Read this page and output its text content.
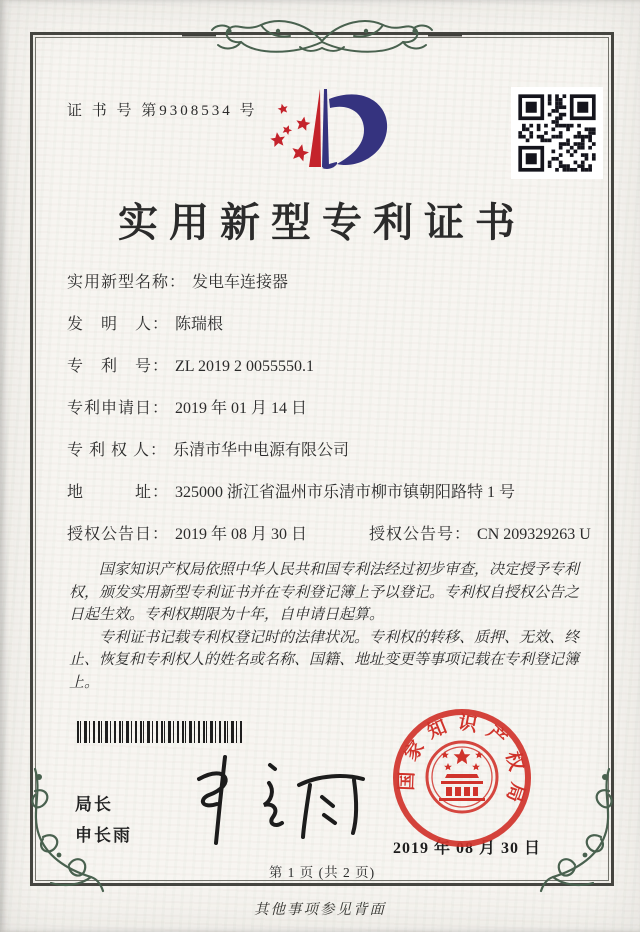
证 书 号 第9308534 号
实用新型专利证书
实用新型名称： 发电车连接器
发　明　人： 陈瑞根
专　利　号： ZL 2019 2 0055550.1
专利申请日： 2019 年 01 月 14 日
专 利 权 人： 乐清市华中电源有限公司
地　　　址： 325000 浙江省温州市乐清市柳市镇朝阳路特 1 号
授权公告日： 2019 年 08 月 30 日	授权公告号： CN 209329263 U

国家知识产权局依照中华人民共和国专利法经过初步审查，决定授予专利权，颁发实用新型专利证书并在专利登记簿上予以登记。专利权自授权公告之日起生效。专利权期限为十年，自申请日起算。

专利证书记载专利权登记时的法律状况。专利权的转移、质押、无效、终止、恢复和专利权人的姓名或名称、国籍、地址变更等事项记载在专利登记簿上。

局长
申长雨
国家知识产权局
2019 年 08 月 30 日
第 1 页 (共 2 页)
其他事项参见背面
